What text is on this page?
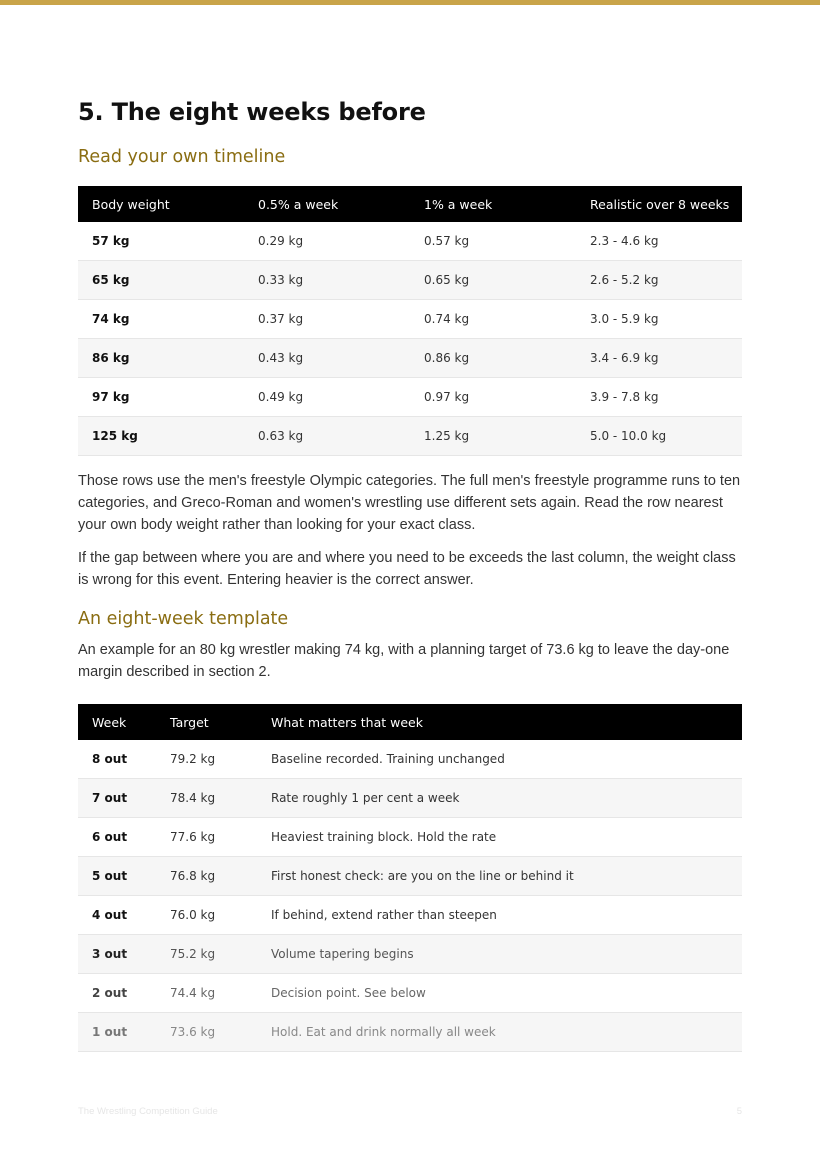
5. The eight weeks before
Read your own timeline
Body weight	0.5% a week	1% a week	Realistic over 8 weeks
57 kg	0.29 kg	0.57 kg	2.3 - 4.6 kg
65 kg	0.33 kg	0.65 kg	2.6 - 5.2 kg
74 kg	0.37 kg	0.74 kg	3.0 - 5.9 kg
86 kg	0.43 kg	0.86 kg	3.4 - 6.9 kg
97 kg	0.49 kg	0.97 kg	3.9 - 7.8 kg
125 kg	0.63 kg	1.25 kg	5.0 - 10.0 kg

Those rows use the men's freestyle Olympic categories. The full men's freestyle programme runs to ten categories, and Greco-Roman and women's wrestling use different sets again. Read the row nearest your own body weight rather than looking for your exact class.

If the gap between where you are and where you need to be exceeds the last column, the weight class is wrong for this event. Entering heavier is the correct answer.

An eight-week template

An example for an 80 kg wrestler making 74 kg, with a planning target of 73.6 kg to leave the day-one margin described in section 2.

Week	Target	What matters that week
8 out	79.2 kg	Baseline recorded. Training unchanged
7 out	78.4 kg	Rate roughly 1 per cent a week
6 out	77.6 kg	Heaviest training block. Hold the rate
5 out	76.8 kg	First honest check: are you on the line or behind it
4 out	76.0 kg	If behind, extend rather than steepen
3 out	75.2 kg	Volume tapering begins
2 out	74.4 kg	Decision point. See below
1 out	73.6 kg	Hold. Eat and drink normally all week
The Wrestling Competition Guide	5
